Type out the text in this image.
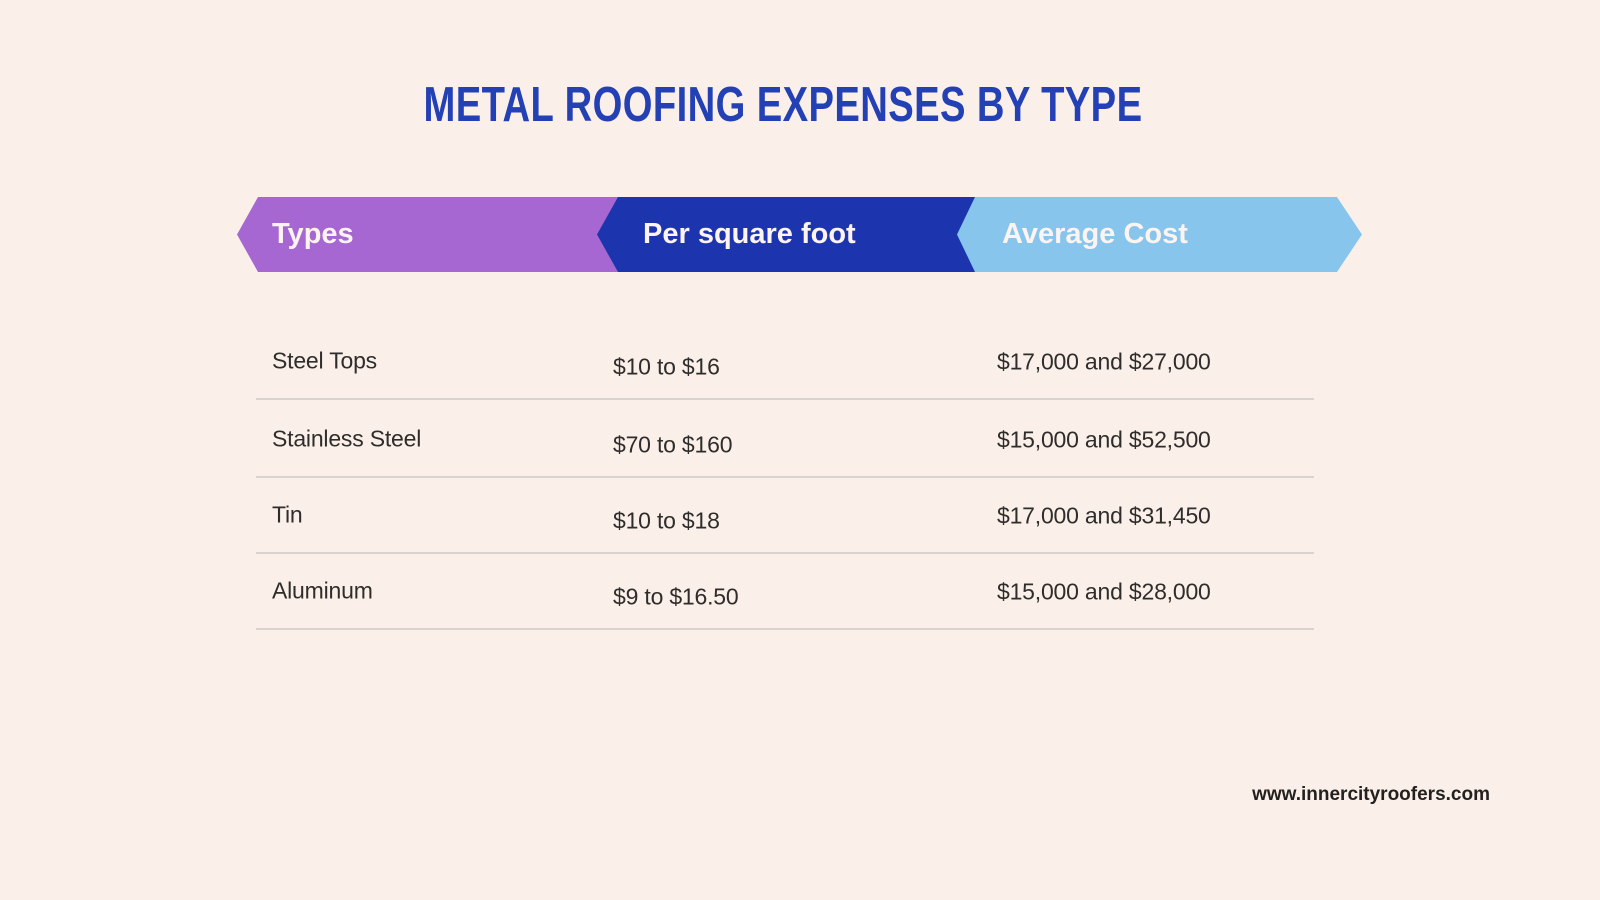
METAL ROOFING EXPENSES BY TYPE
Types	Per square foot	Average Cost
Steel Tops	$10 to $16	$17,000 and $27,000
Stainless Steel	$70 to $160	$15,000 and $52,500
Tin	$10 to $18	$17,000 and $31,450
Aluminum	$9 to $16.50	$15,000 and $28,000
www.innercityroofers.com
